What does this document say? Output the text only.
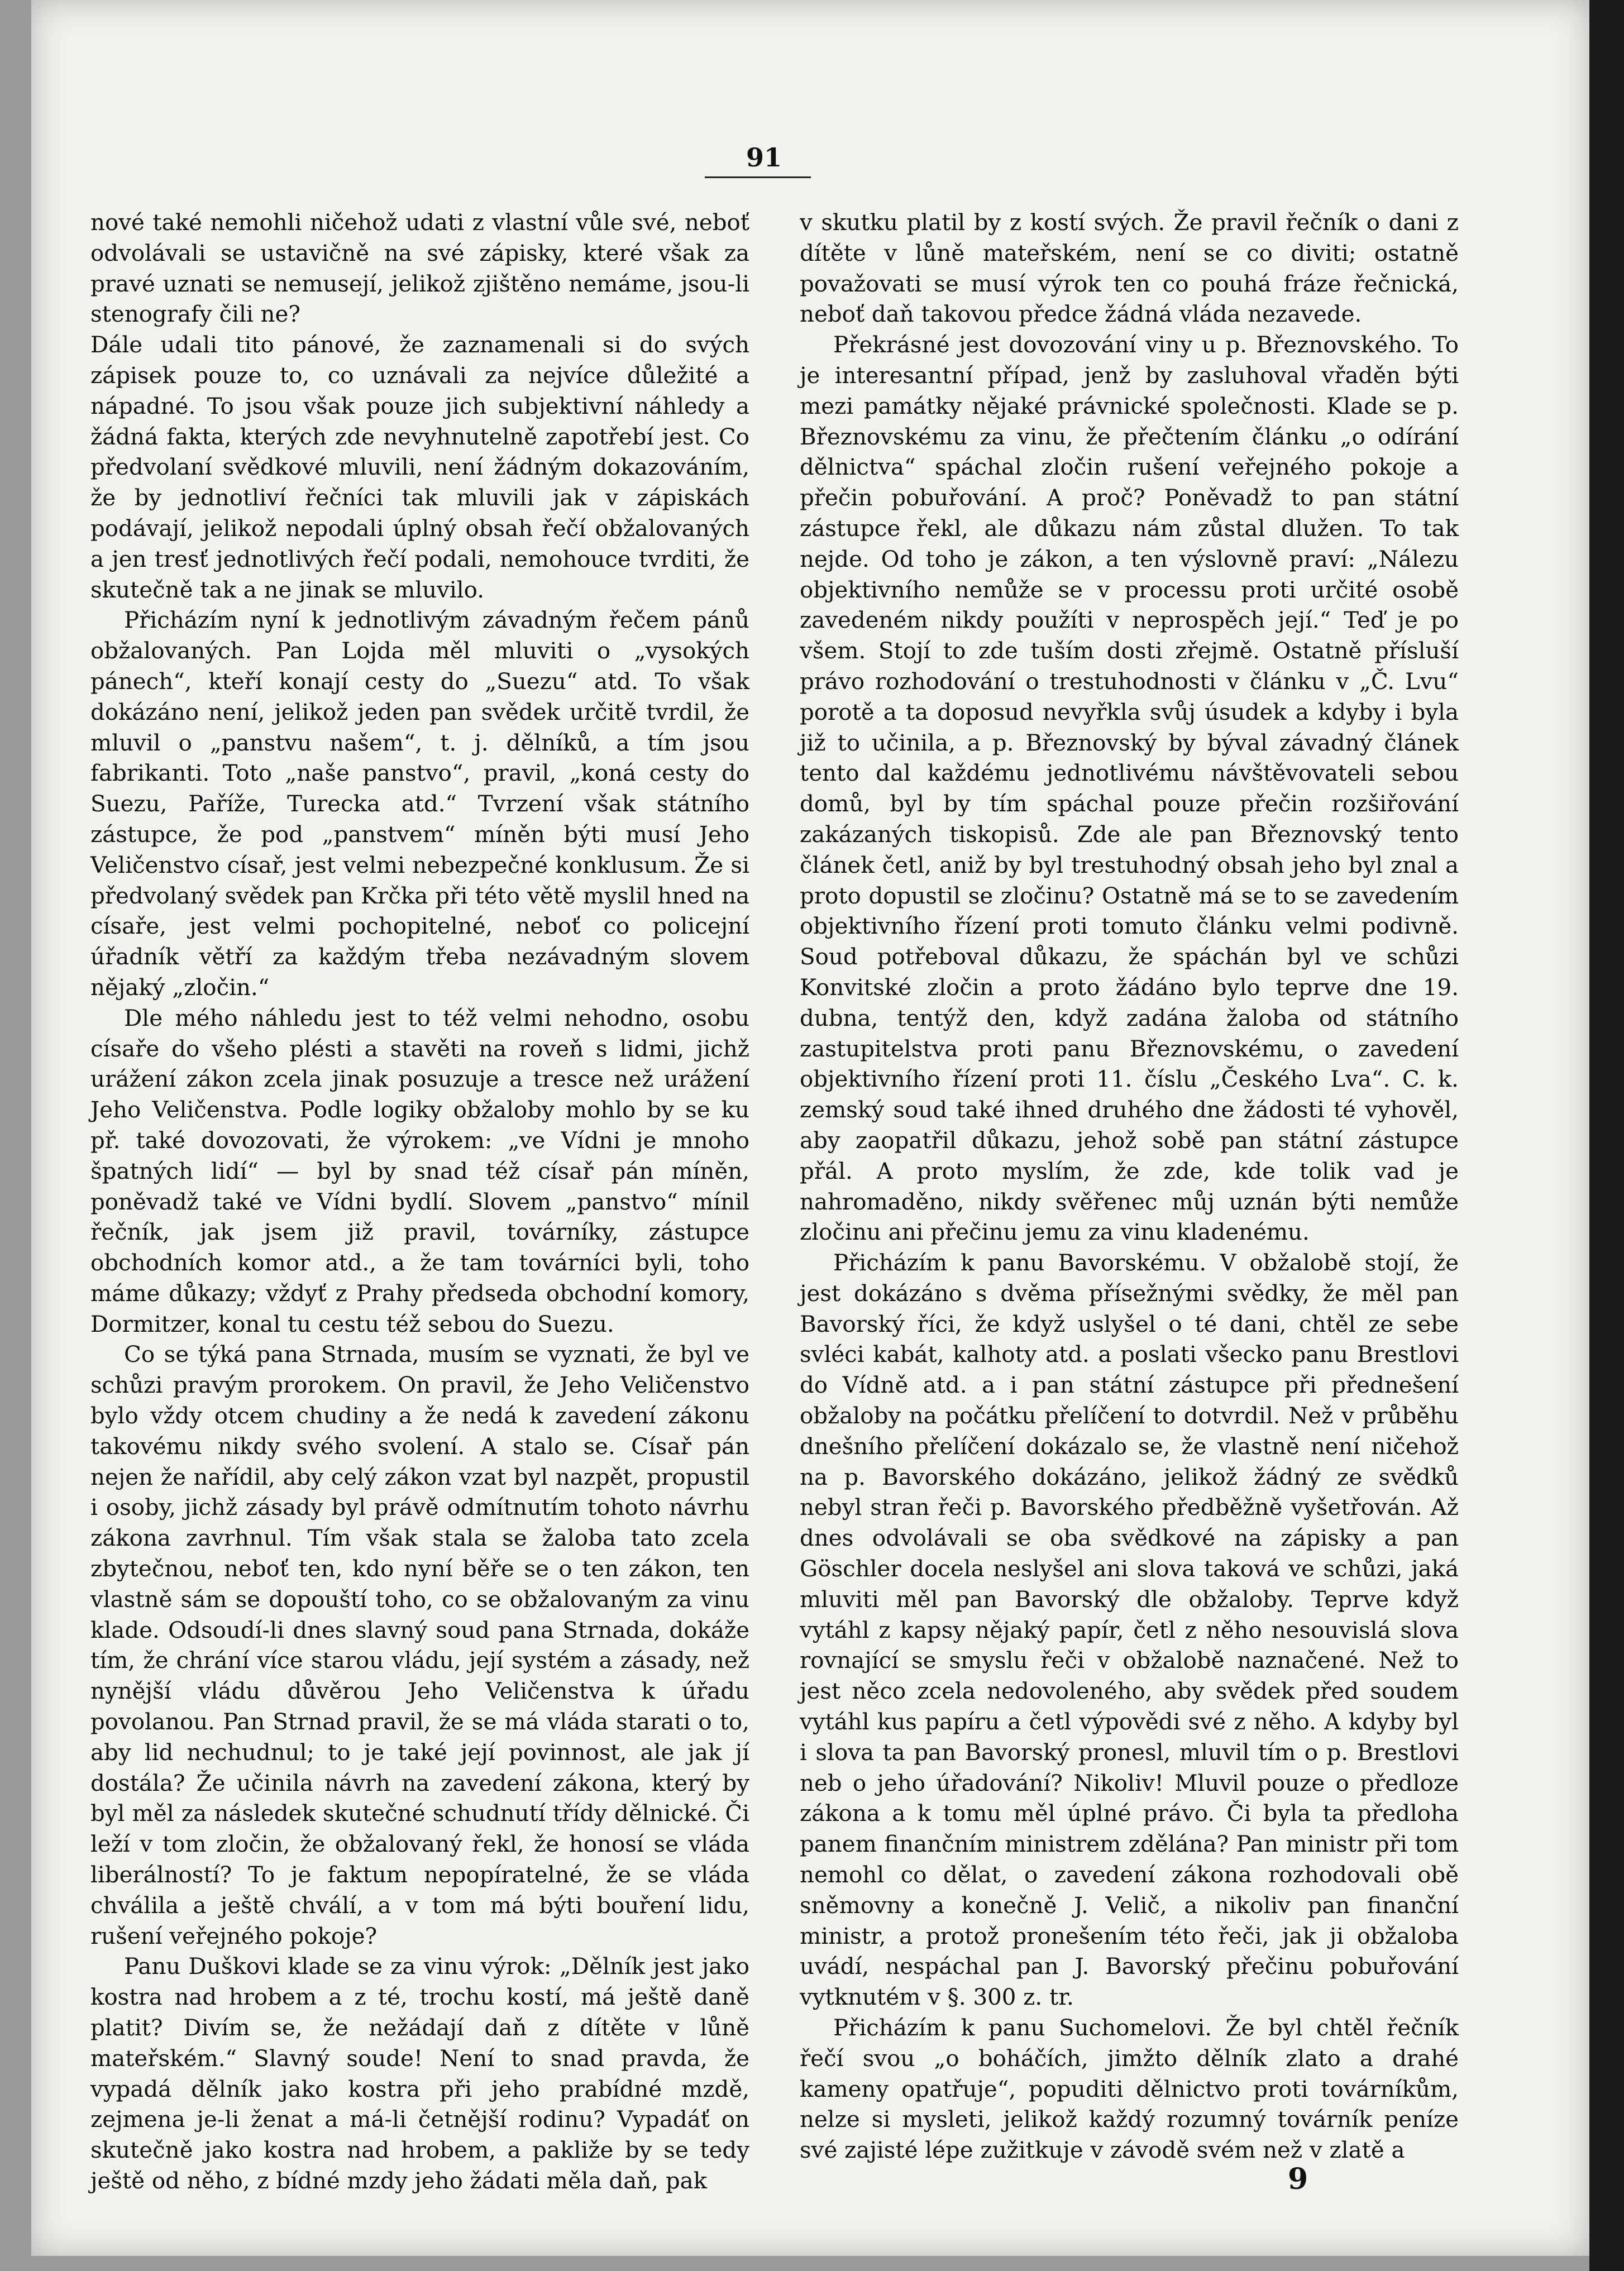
91

nové také nemohli ničehož udati z vlastní vůle své, neboť odvolávali se ustavičně na své zápisky, které však za pravé uznati se nemusejí, jelikož zjištěno nemáme, jsou-li stenografy čili ne?

Dále udali tito pánové, že zaznamenali si do svých zápisek pouze to, co uznávali za nejvíce důležité a nápadné. To jsou však pouze jich subjektivní náhledy a žádná fakta, kterých zde nevyhnutelně zapotřebí jest. Co předvolaní svědkové mluvili, není žádným dokazováním, že by jednotliví řečníci tak mluvili jak v zápiskách podávají, jelikož nepodali úplný obsah řečí obžalovaných a jen tresť jednotlivých řečí podali, nemohouce tvrditi, že skutečně tak a ne jinak se mluvilo.

Přicházím nyní k jednotlivým závadným řečem pánů obžalovaných. Pan Lojda měl mluviti o „vysokých pánech“, kteří konají cesty do „Suezu“ atd. To však dokázáno není, jelikož jeden pan svědek určitě tvrdil, že mluvil o „panstvu našem“, t. j. dělníků, a tím jsou fabrikanti. Toto „naše panstvo“, pravil, „koná cesty do Suezu, Paříže, Turecka atd.“ Tvrzení však státního zástupce, že pod „panstvem“ míněn býti musí Jeho Veličenstvo císař, jest velmi nebezpečné konklusum. Že si předvolaný svědek pan Krčka při této větě myslil hned na císaře, jest velmi pochopitelné, neboť co policejní úřadník větří za každým třeba nezávadným slovem nějaký „zločin.“

Dle mého náhledu jest to též velmi nehodno, osobu císaře do všeho plésti a stavěti na roveň s lidmi, jichž urážení zákon zcela jinak posuzuje a tresce než urážení Jeho Veličenstva. Podle logiky obžaloby mohlo by se ku př. také dovozovati, že výrokem: „ve Vídni je mnoho špatných lidí“ — byl by snad též císař pán míněn, poněvadž také ve Vídni bydlí. Slovem „panstvo“ mínil řečník, jak jsem již pravil, továrníky, zástupce obchodních komor atd., a že tam továrníci byli, toho máme důkazy; vždyť z Prahy předseda obchodní komory, Dormitzer, konal tu cestu též sebou do Suezu.

Co se týká pana Strnada, musím se vyznati, že byl ve schůzi pravým prorokem. On pravil, že Jeho Veličenstvo bylo vždy otcem chudiny a že nedá k zavedení zákonu takovému nikdy svého svolení. A stalo se. Císař pán nejen že nařídil, aby celý zákon vzat byl nazpět, propustil i osoby, jichž zásady byl právě odmítnutím tohoto návrhu zákona zavrhnul. Tím však stala se žaloba tato zcela zbytečnou, neboť ten, kdo nyní běře se o ten zákon, ten vlastně sám se dopouští toho, co se obžalovaným za vinu klade. Odsoudí-li dnes slavný soud pana Strnada, dokáže tím, že chrání více starou vládu, její systém a zásady, než nynější vládu důvěrou Jeho Veličenstva k úřadu povolanou. Pan Strnad pravil, že se má vláda starati o to, aby lid nechudnul; to je také její povinnost, ale jak jí dostála? Že učinila návrh na zavedení zákona, který by byl měl za následek skutečné schudnutí třídy dělnické. Či leží v tom zločin, že obžalovaný řekl, že honosí se vláda liberálností? To je faktum nepopíratelné, že se vláda chválila a ještě chválí, a v tom má býti bouření lidu, rušení veřejného pokoje?

Panu Duškovi klade se za vinu výrok: „Dělník jest jako kostra nad hrobem a z té, trochu kostí, má ještě daně platit? Divím se, že nežádají daň z dítěte v lůně mateřském.“ Slavný soude! Není to snad pravda, že vypadá dělník jako kostra při jeho prabídné mzdě, zejmena je-li ženat a má-li četnější rodinu? Vypadáť on skutečně jako kostra nad hrobem, a pakliže by se tedy ještě od něho, z bídné mzdy jeho žádati měla daň, pak

v skutku platil by z kostí svých. Že pravil řečník o dani z dítěte v lůně mateřském, není se co diviti; ostatně považovati se musí výrok ten co pouhá fráze řečnická, neboť daň takovou předce žádná vláda nezavede.

Překrásné jest dovozování viny u p. Březnovského. To je interesantní případ, jenž by zasluhoval vřaděn býti mezi památky nějaké právnické společnosti. Klade se p. Březnovskému za vinu, že přečtením článku „o odírání dělnictva“ spáchal zločin rušení veřejného pokoje a přečin pobuřování. A proč? Poněvadž to pan státní zástupce řekl, ale důkazu nám zůstal dlužen. To tak nejde. Od toho je zákon, a ten výslovně praví: „Nálezu objektivního nemůže se v processu proti určité osobě zavedeném nikdy použíti v neprospěch její.“ Teď je po všem. Stojí to zde tuším dosti zřejmě. Ostatně přísluší právo rozhodování o trestuhodnosti v článku v „Č. Lvu“ porotě a ta doposud nevyřkla svůj úsudek a kdyby i byla již to učinila, a p. Březnovský by býval závadný článek tento dal každému jednotlivému návštěvovateli sebou domů, byl by tím spáchal pouze přečin rozšiřování zakázaných tiskopisů. Zde ale pan Březnovský tento článek četl, aniž by byl trestuhodný obsah jeho byl znal a proto dopustil se zločinu? Ostatně má se to se zavedením objektivního řízení proti tomuto článku velmi podivně. Soud potřeboval důkazu, že spáchán byl ve schůzi Konvitské zločin a proto žádáno bylo teprve dne 19. dubna, tentýž den, když zadána žaloba od státního zastupitelstva proti panu Březnovskému, o zavedení objektivního řízení proti 11. číslu „Českého Lva“. C. k. zemský soud také ihned druhého dne žádosti té vyhověl, aby zaopatřil důkazu, jehož sobě pan státní zástupce přál. A proto myslím, že zde, kde tolik vad je nahromaděno, nikdy svěřenec můj uznán býti nemůže zločinu ani přečinu jemu za vinu kladenému.

Přicházím k panu Bavorskému. V obžalobě stojí, že jest dokázáno s dvěma přísežnými svědky, že měl pan Bavorský říci, že když uslyšel o té dani, chtěl ze sebe svléci kabát, kalhoty atd. a poslati všecko panu Brestlovi do Vídně atd. a i pan státní zástupce při přednešení obžaloby na počátku přelíčení to dotvrdil. Než v průběhu dnešního přelíčení dokázalo se, že vlastně není ničehož na p. Bavorského dokázáno, jelikož žádný ze svědků nebyl stran řeči p. Bavorského předběžně vyšetřován. Až dnes odvolávali se oba svědkové na zápisky a pan Göschler docela neslyšel ani slova taková ve schůzi, jaká mluviti měl pan Bavorský dle obžaloby. Teprve když vytáhl z kapsy nějaký papír, četl z něho nesouvislá slova rovnající se smyslu řeči v obžalobě naznačené. Než to jest něco zcela nedovoleného, aby svědek před soudem vytáhl kus papíru a četl výpovědi své z něho. A kdyby byl i slova ta pan Bavorský pronesl, mluvil tím o p. Brestlovi neb o jeho úřadování? Nikoliv! Mluvil pouze o předloze zákona a k tomu měl úplné právo. Či byla ta předloha panem finančním ministrem zdělána? Pan ministr při tom nemohl co dělat, o zavedení zákona rozhodovali obě sněmovny a konečně J. Velič, a nikoliv pan finanční ministr, a protož pronešením této řeči, jak ji obžaloba uvádí, nespáchal pan J. Bavorský přečinu pobuřování vytknutém v §. 300 z. tr.

Přicházím k panu Suchomelovi. Že byl chtěl řečník řečí svou „o boháčích, jimžto dělník zlato a drahé kameny opatřuje“, popuditi dělnictvo proti továrníkům, nelze si mysleti, jelikož každý rozumný továrník peníze své zajisté lépe zužitkuje v závodě svém než v zlatě a

9
